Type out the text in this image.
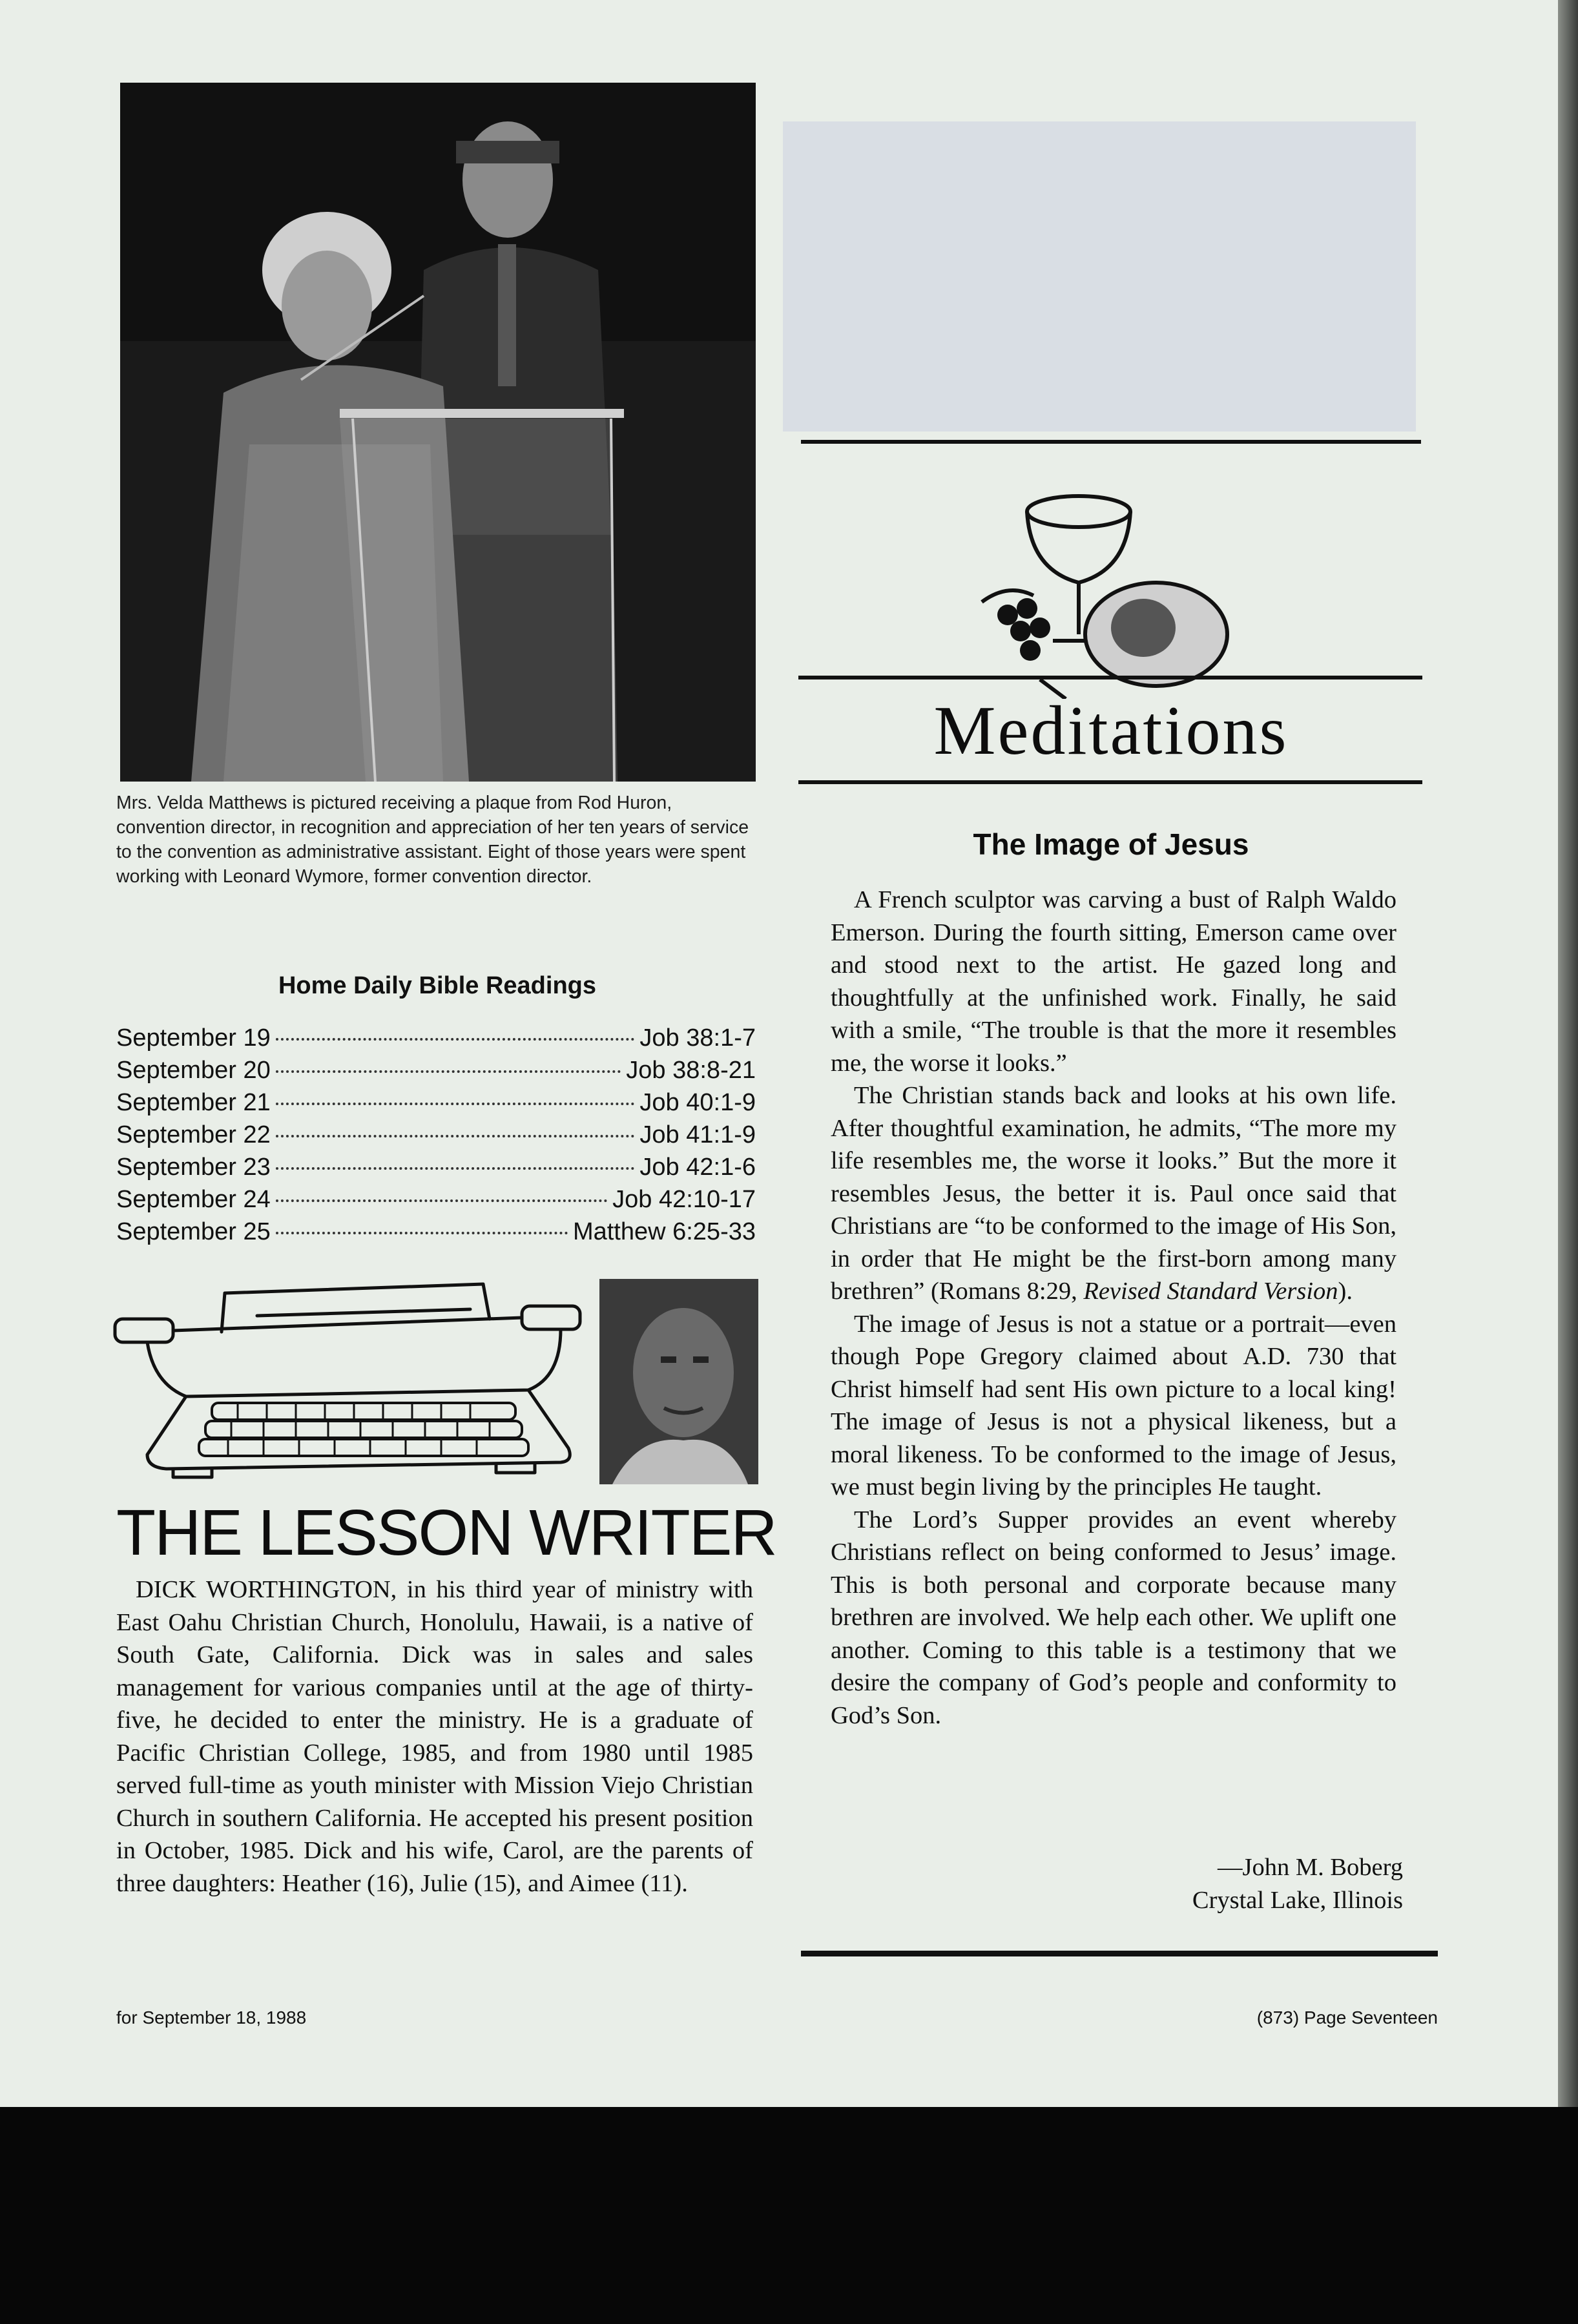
Mrs. Velda Matthews is pictured receiving a plaque from Rod Huron, convention director, in recognition and appreciation of her ten years of service to the convention as administrative assistant. Eight of those years were spent working with Leonard Wymore, former convention director.
Home Daily Bible Readings
September 19	Job 38:1-7
September 20	Job 38:8-21
September 21	Job 40:1-9
September 22	Job 41:1-9
September 23	Job 42:1-6
September 24	Job 42:10-17
September 25	Matthew 6:25-33
THE LESSON WRITER
DICK WORTHINGTON, in his third year of ministry with East Oahu Christian Church, Honolulu, Hawaii, is a native of South Gate, California. Dick was in sales and sales management for various companies until at the age of thirty-five, he decided to enter the ministry. He is a graduate of Pacific Christian College, 1985, and from 1980 until 1985 served full-time as youth minister with Mission Viejo Christian Church in southern California. He accepted his present position in October, 1985. Dick and his wife, Carol, are the parents of three daughters: Heather (16), Julie (15), and Aimee (11).
Meditations
The Image of Jesus

A French sculptor was carving a bust of Ralph Waldo Emerson. During the fourth sitting, Emerson came over and stood next to the artist. He gazed long and thoughtfully at the unfinished work. Finally, he said with a smile, “The trouble is that the more it resembles me, the worse it looks.”

The Christian stands back and looks at his own life. After thoughtful examination, he admits, “The more my life resembles me, the worse it looks.” But the more it resembles Jesus, the better it is. Paul once said that Christians are “to be conformed to the image of His Son, in order that He might be the first-born among many brethren” (Romans 8:29, Revised Standard Version).

The image of Jesus is not a statue or a portrait—even though Pope Gregory claimed about A.D. 730 that Christ himself had sent His own picture to a local king! The image of Jesus is not a physical likeness, but a moral likeness. To be conformed to the image of Jesus, we must begin living by the principles He taught.

The Lord’s Supper provides an event whereby Christians reflect on being conformed to Jesus’ image. This is both personal and corporate because many brethren are involved. We help each other. We uplift one another. Coming to this table is a testimony that we desire the company of God’s people and conformity to God’s Son.

—John M. Boberg
Crystal Lake, Illinois
for September 18, 1988	(873) Page Seventeen
